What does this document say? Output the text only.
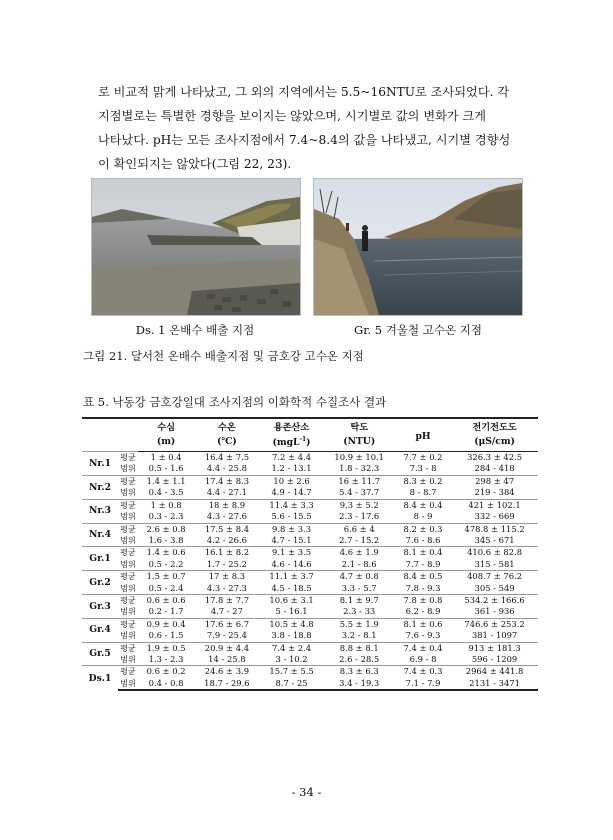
로 비교적 맑게 나타났고, 그 외의 지역에서는 5.5~16NTU로 조사되었다. 각
지점별로는 특별한 경향을 보이지는 않았으며, 시기별로 값의 변화가 크게
나타났다. pH는 모든 조사지점에서 7.4~8.4의 값을 나타냈고, 시기별 경향성
이 확인되지는 않았다(그림 22, 23).
Ds. 1 온배수 배출 지점	Gr. 5 겨울철 고수온 지점
그림 21. 달서천 온배수 배출지점 및 금호강 고수온 지점
표 5. 낙동강 금호강일대 조사지점의 이화학적 수질조사 결과
		수심	수온	용존산소	탁도	pH	전기전도도
		(m)	(℃)	(mgL$^{-1}$)	(NTU)		(μS/cm)
Nr.1	평균	1 ± 0.4	16.4 ± 7.5	7.2 ± 4.4	10.9 ± 10.1	7.7 ± 0.2	326.3 ± 42.5
	범위	0.5 - 1.6	4.4 - 25.8	1.2 - 13.1	1.8 - 32.3	7.3 - 8	284 - 418
Nr.2	평균	1.4 ± 1.1	17.4 ± 8.3	10 ± 2.6	16 ± 11.7	8.3 ± 0.2	298 ± 47
	범위	0.4 - 3.5	4.4 - 27.1	4.9 - 14.7	5.4 - 37.7	8 - 8.7	219 - 384
Nr.3	평균	1 ± 0.8	18 ± 8.9	11.4 ± 3.3	9.3 ± 5.2	8.4 ± 0.4	421 ± 102.1
	범위	0.3 - 2.3	4.3 - 27.6	5.6 - 15.5	2.3 - 17.6	8 - 9	332 - 669
Nr.4	평균	2.6 ± 0.8	17.5 ± 8.4	9.8 ± 3.3	6.6 ± 4	8.2 ± 0.3	478.8 ± 115.2
	범위	1.6 - 3.8	4.2 - 26.6	4.7 - 15.1	2.7 - 15.2	7.6 - 8.6	345 - 671
Gr.1	평균	1.4 ± 0.6	16.1 ± 8.2	9.1 ± 3.5	4.6 ± 1.9	8.1 ± 0.4	410.6 ± 82.8
	범위	0.5 - 2.2	1.7 - 25.2	4.6 - 14.6	2.1 - 8.6	7.7 - 8.9	315 - 581
Gr.2	평균	1.5 ± 0.7	17 ± 8.3	11.1 ± 3.7	4.7 ± 0.8	8.4 ± 0.5	408.7 ± 76.2
	범위	0.5 - 2.4	4.3 - 27.3	4.5 - 18.5	3.3 - 5.7	7.8 - 9.3	305 - 549
Gr.3	평균	0.6 ± 0.6	17.8 ± 7.7	10.6 ± 3.1	8.1 ± 9.7	7.8 ± 0.8	534.2 ± 166.6
	범위	0.2 - 1.7	4.7 - 27	5 - 16.1	2.3 - 33	6.2 - 8.9	361 - 936
Gr.4	평균	0.9 ± 0.4	17.6 ± 6.7	10.5 ± 4.8	5.5 ± 1.9	8.1 ± 0.6	746.6 ± 253.2
	범위	0.6 - 1.5	7.9 - 25.4	3.8 - 18.8	3.2 - 8.1	7.6 - 9.3	381 - 1097
Gr.5	평균	1.9 ± 0.5	20.9 ± 4.4	7.4 ± 2.4	8.8 ± 8.1	7.4 ± 0.4	913 ± 181.3
	범위	1.3 - 2.3	14 - 25.8	3 - 10.2	2.6 - 28.5	6.9 - 8	596 - 1209
Ds.1	평균	0.6 ± 0.2	24.6 ± 3.9	15.7 ± 5.5	8.3 ± 6.3	7.4 ± 0.3	2964 ± 441.8
	범위	0.4 - 0.8	18.7 - 29.6	8.7 - 25	3.4 - 19.3	7.1 - 7.9	2131 - 3471
- 34 -
